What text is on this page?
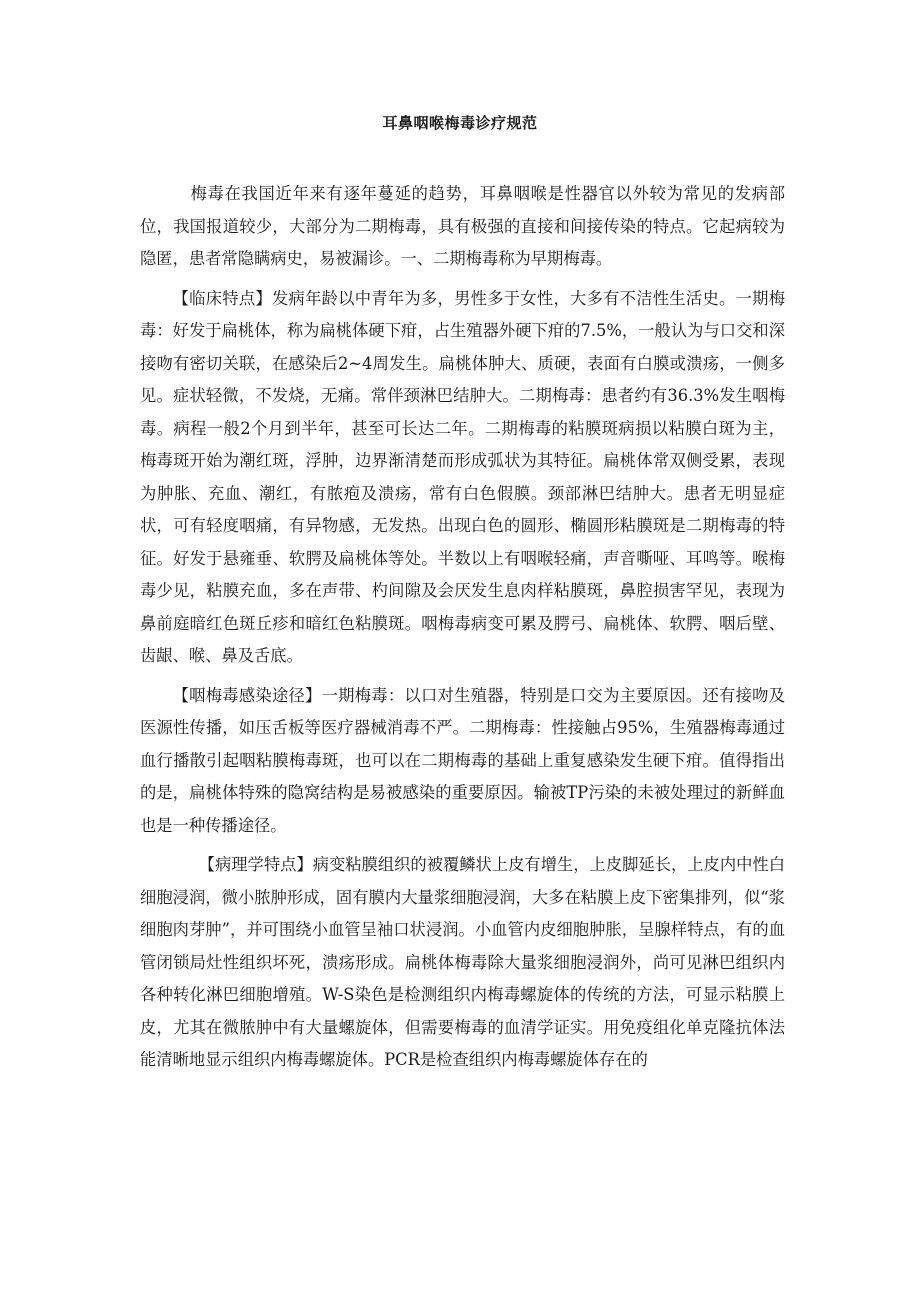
耳鼻咽喉梅毒诊疗规范

梅毒在我国近年来有逐年蔓延的趋势，耳鼻咽喉是性器官以外较为常见的发病部位，我国报道较少，大部分为二期梅毒，具有极强的直接和间接传染的特点。它起病较为隐匿，患者常隐瞒病史，易被漏诊。一、二期梅毒称为早期梅毒。

【临床特点】发病年龄以中青年为多，男性多于女性，大多有不洁性生活史。一期梅毒：好发于扁桃体，称为扁桃体硬下疳，占生殖器外硬下疳的7.5%，一般认为与口交和深接吻有密切关联，在感染后2~4周发生。扁桃体肿大、质硬，表面有白膜或溃疡，一侧多见。症状轻微，不发烧，无痛。常伴颈淋巴结肿大。二期梅毒：患者约有36.3%发生咽梅毒。病程一般2个月到半年，甚至可长达二年。二期梅毒的粘膜斑病损以粘膜白斑为主，梅毒斑开始为潮红斑，浮肿，边界渐清楚而形成弧状为其特征。扁桃体常双侧受累，表现为肿胀、充血、潮红，有脓疱及溃疡，常有白色假膜。颈部淋巴结肿大。患者无明显症状，可有轻度咽痛，有异物感，无发热。出现白色的圆形、椭圆形粘膜斑是二期梅毒的特征。好发于悬雍垂、软腭及扁桃体等处。半数以上有咽喉轻痛，声音嘶哑、耳鸣等。喉梅毒少见，粘膜充血，多在声带、杓间隙及会厌发生息肉样粘膜斑，鼻腔损害罕见，表现为鼻前庭暗红色斑丘疹和暗红色粘膜斑。咽梅毒病变可累及腭弓、扁桃体、软腭、咽后壁、齿龈、喉、鼻及舌底。

【咽梅毒感染途径】一期梅毒：以口对生殖器，特别是口交为主要原因。还有接吻及医源性传播，如压舌板等医疗器械消毒不严。二期梅毒：性接触占95%，生殖器梅毒通过血行播散引起咽粘膜梅毒斑，也可以在二期梅毒的基础上重复感染发生硬下疳。值得指出的是，扁桃体特殊的隐窝结构是易被感染的重要原因。输被TP污染的未被处理过的新鲜血也是一种传播途径。

【病理学特点】病变粘膜组织的被覆鳞状上皮有增生，上皮脚延长，上皮内中性白细胞浸润，微小脓肿形成，固有膜内大量浆细胞浸润，大多在粘膜上皮下密集排列，似“浆细胞肉芽肿”，并可围绕小血管呈袖口状浸润。小血管内皮细胞肿胀，呈腺样特点，有的血管闭锁局灶性组织坏死，溃疡形成。扁桃体梅毒除大量浆细胞浸润外，尚可见淋巴组织内各种转化淋巴细胞增殖。W-S染色是检测组织内梅毒螺旋体的传统的方法，可显示粘膜上皮，尤其在微脓肿中有大量螺旋体，但需要梅毒的血清学证实。用免疫组化单克隆抗体法能清晰地显示组织内梅毒螺旋体。PCR是检查组织内梅毒螺旋体存在的
